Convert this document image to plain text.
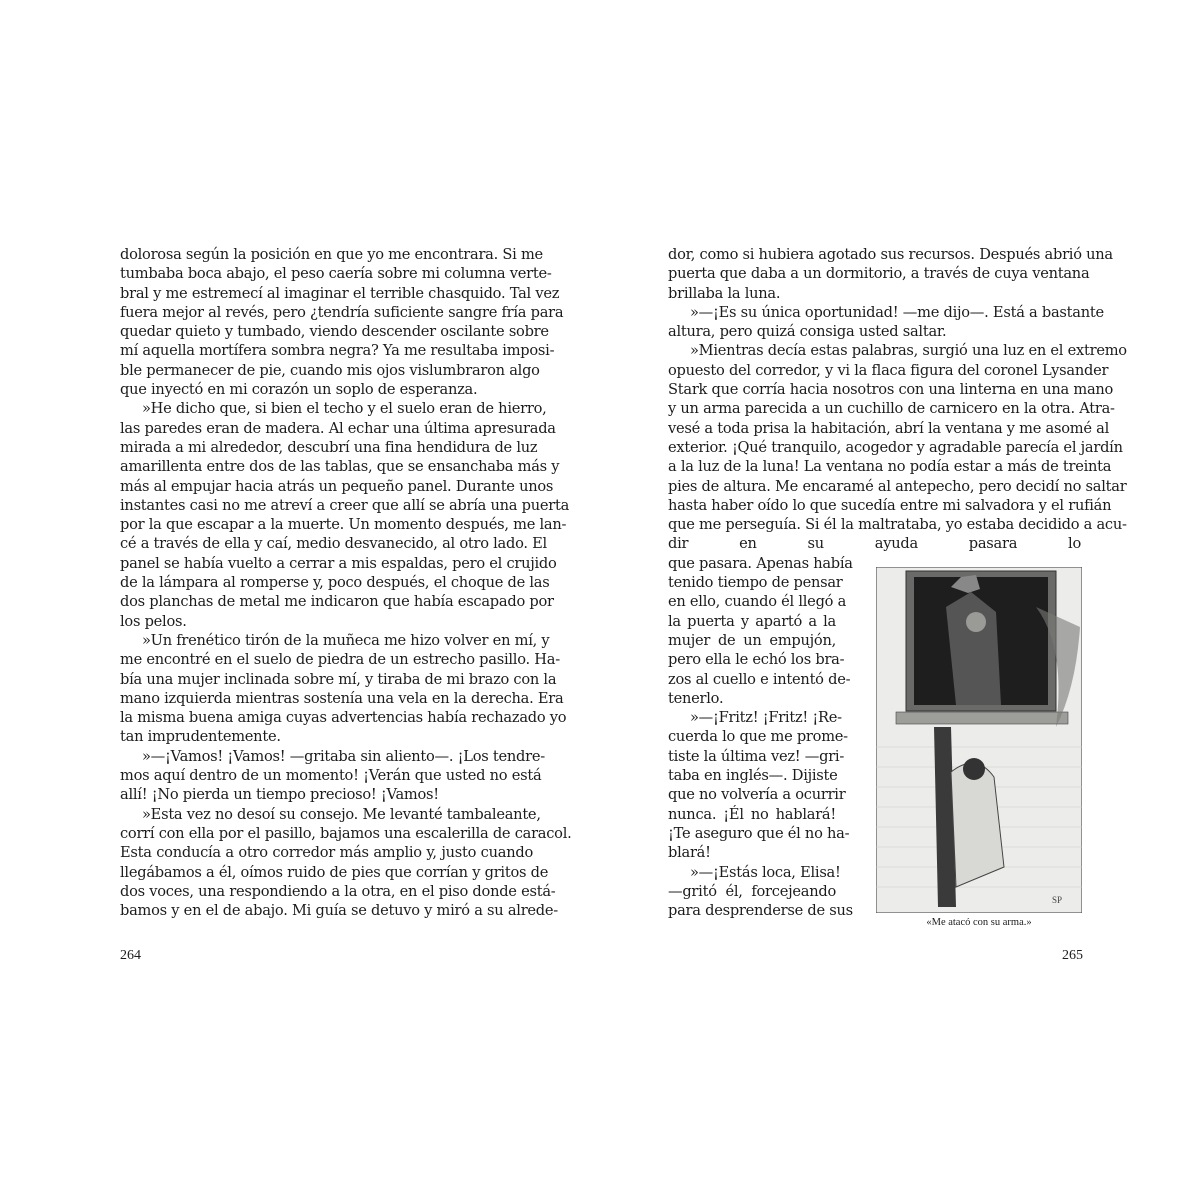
dolorosa según la posición en que yo me encontrara. Si me
tumbaba boca abajo, el peso caería sobre mi columna verte-
bral y me estremecí al imaginar el terrible chasquido. Tal vez
fuera mejor al revés, pero ¿tendría suficiente sangre fría para
quedar quieto y tumbado, viendo descender oscilante sobre
mí aquella mortífera sombra negra? Ya me resultaba imposi-
ble permanecer de pie, cuando mis ojos vislumbraron algo
que inyectó en mi corazón un soplo de esperanza.
»He dicho que, si bien el techo y el suelo eran de hierro,
las paredes eran de madera. Al echar una última apresurada
mirada a mi alrededor, descubrí una fina hendidura de luz
amarillenta entre dos de las tablas, que se ensanchaba más y
más al empujar hacia atrás un pequeño panel. Durante unos
instantes casi no me atreví a creer que allí se abría una puerta
por la que escapar a la muerte. Un momento después, me lan-
cé a través de ella y caí, medio desvanecido, al otro lado. El
panel se había vuelto a cerrar a mis espaldas, pero el crujido
de la lámpara al romperse y, poco después, el choque de las
dos planchas de metal me indicaron que había escapado por
los pelos.
»Un frenético tirón de la muñeca me hizo volver en mí, y
me encontré en el suelo de piedra de un estrecho pasillo. Ha-
bía una mujer inclinada sobre mí, y tiraba de mi brazo con la
mano izquierda mientras sostenía una vela en la derecha. Era
la misma buena amiga cuyas advertencias había rechazado yo
tan imprudentemente.
»—¡Vamos! ¡Vamos! —gritaba sin aliento—. ¡Los tendre-
mos aquí dentro de un momento! ¡Verán que usted no está
allí! ¡No pierda un tiempo precioso! ¡Vamos!
»Esta vez no desoí su consejo. Me levanté tambaleante,
corrí con ella por el pasillo, bajamos una escalerilla de caracol.
Esta conducía a otro corredor más amplio y, justo cuando
llegábamos a él, oímos ruido de pies que corrían y gritos de
dos voces, una respondiendo a la otra, en el piso donde está-
bamos y en el de abajo. Mi guía se detuvo y miró a su alrede-
dor, como si hubiera agotado sus recursos. Después abrió una
puerta que daba a un dormitorio, a través de cuya ventana
brillaba la luna.
»—¡Es su única oportunidad! —me dijo—. Está a bastante
altura, pero quizá consiga usted saltar.
»Mientras decía estas palabras, surgió una luz en el extremo
opuesto del corredor, y vi la flaca figura del coronel Lysander
Stark que corría hacia nosotros con una linterna en una mano
y un arma parecida a un cuchillo de carnicero en la otra. Atra-
vesé a toda prisa la habitación, abrí la ventana y me asomé al
exterior. ¡Qué tranquilo, acogedor y agradable parecía el jardín
a la luz de la luna! La ventana no podía estar a más de treinta
pies de altura. Me encaramé al antepecho, pero decidí no saltar
hasta haber oído lo que sucedía entre mi salvadora y el rufián
que me perseguía. Si él la maltrataba, yo estaba decidido a acu-
dir en su ayuda pasara lo
que pasara. Apenas había
tenido tiempo de pensar
en ello, cuando él llegó a
la puerta y apartó a la
mujer de un empujón,
pero ella le echó los bra-
zos al cuello e intentó de-
tenerlo.
»—¡Fritz! ¡Fritz! ¡Re-
cuerda lo que me prome-
tiste la última vez! —gri-
taba en inglés—. Dijiste
que no volvería a ocurrir
nunca. ¡Él no hablará!
¡Te aseguro que él no ha-
blará!
»—¡Estás loca, Elisa!
—gritó él, forcejeando
para desprenderse de sus
SP
«Me atacó con su arma.»
264	265
